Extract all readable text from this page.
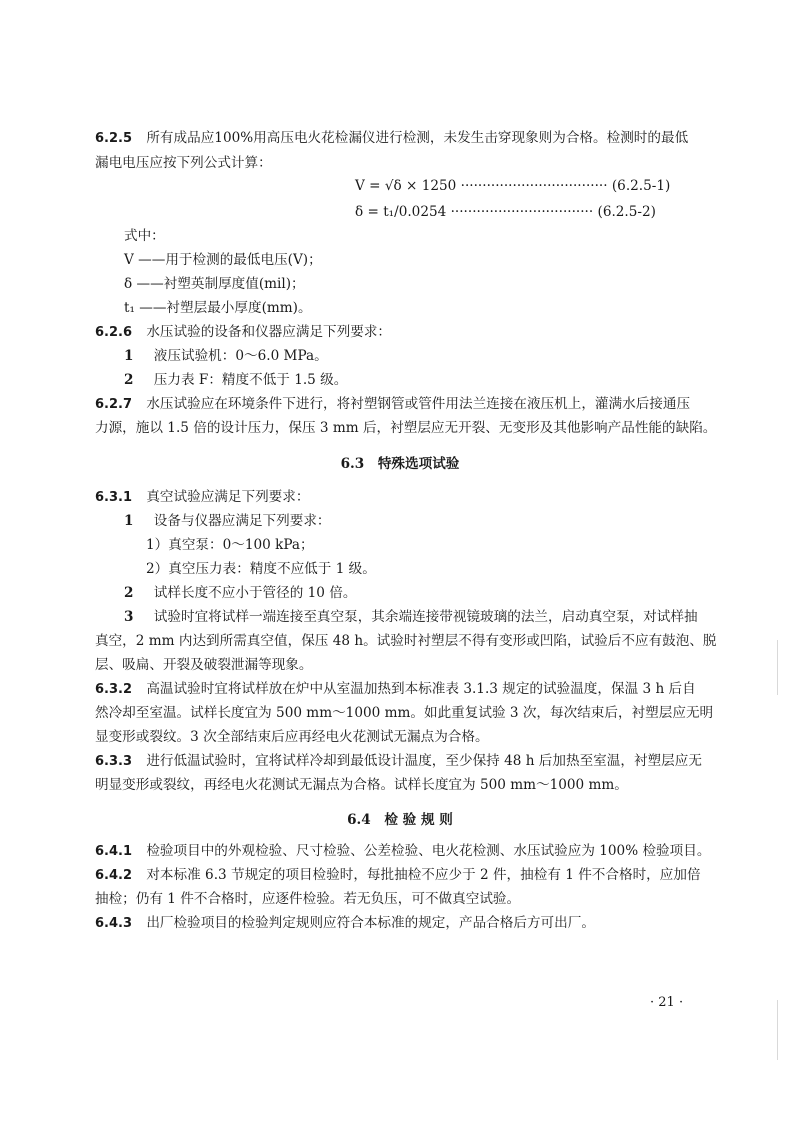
6.2.5 所有成品应100%用高压电火花检漏仪进行检测，未发生击穿现象则为合格。检测时的最低
漏电电压应按下列公式计算：
V = √δ × 1250 ·································· (6.2.5-1)
δ = t₁/0.0254 ································· (6.2.5-2)
式中：
V ——用于检测的最低电压(V)；
δ ——衬塑英制厚度值(mil)；
t₁ ——衬塑层最小厚度(mm)。
6.2.6 水压试验的设备和仪器应满足下列要求：
1 液压试验机：0～6.0 MPa。
2 压力表 F：精度不低于 1.5 级。
6.2.7 水压试验应在环境条件下进行，将衬塑钢管或管件用法兰连接在液压机上，灌满水后接通压
力源，施以 1.5 倍的设计压力，保压 3 mm 后，衬塑层应无开裂、无变形及其他影响产品性能的缺陷。
6.3　特殊选项试验
6.3.1 真空试验应满足下列要求：
1 设备与仪器应满足下列要求：
1）真空泵：0～100 kPa；
2）真空压力表：精度不应低于 1 级。
2 试样长度不应小于管径的 10 倍。
3 试验时宜将试样一端连接至真空泵，其余端连接带视镜玻璃的法兰，启动真空泵，对试样抽
真空，2 mm 内达到所需真空值，保压 48 h。试验时衬塑层不得有变形或凹陷，试验后不应有鼓泡、脱
层、吸扁、开裂及破裂泄漏等现象。
6.3.2 高温试验时宜将试样放在炉中从室温加热到本标准表 3.1.3 规定的试验温度，保温 3 h 后自
然冷却至室温。试样长度宜为 500 mm～1000 mm。如此重复试验 3 次，每次结束后，衬塑层应无明
显变形或裂纹。3 次全部结束后应再经电火花测试无漏点为合格。
6.3.3 进行低温试验时，宜将试样冷却到最低设计温度，至少保持 48 h 后加热至室温，衬塑层应无
明显变形或裂纹，再经电火花测试无漏点为合格。试样长度宜为 500 mm～1000 mm。
6.4　检 验 规 则
6.4.1 检验项目中的外观检验、尺寸检验、公差检验、电火花检测、水压试验应为 100% 检验项目。
6.4.2 对本标准 6.3 节规定的项目检验时，每批抽检不应少于 2 件，抽检有 1 件不合格时，应加倍
抽检；仍有 1 件不合格时，应逐件检验。若无负压，可不做真空试验。
6.4.3 出厂检验项目的检验判定规则应符合本标准的规定，产品合格后方可出厂。
· 21 ·
